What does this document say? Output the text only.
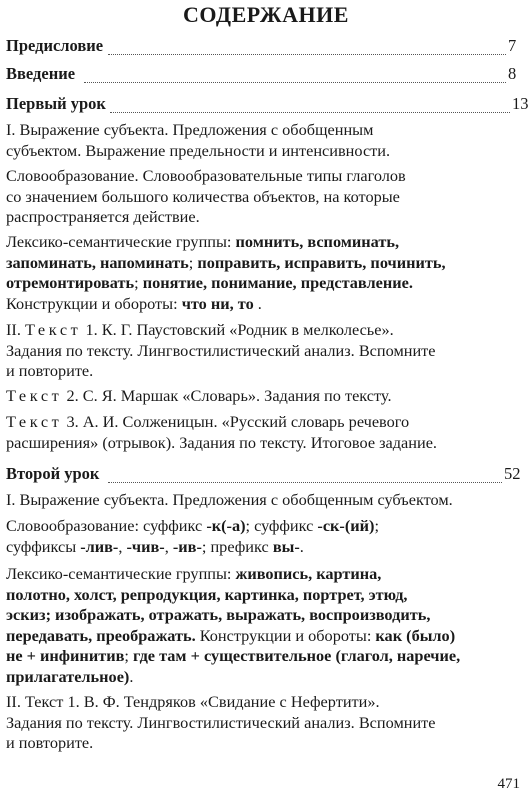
СОДЕРЖАНИЕ
Предисловие	7
Введение	8
Первый урок	13
I. Выражение субъекта. Предложения с обобщенным
субъектом. Выражение предельности и интенсивности.
Словообразование. Словообразовательные типы глаголов
со значением большого количества объектов, на которые
распространяется действие.
Лексико-семантические группы: помнить, вспоминать,
запоминать, напоминать; поправить, исправить, починить,
отремонтировать; понятие, понимание, представление.
Конструкции и обороты: что ни, то .
II. Текст 1. К. Г. Паустовский «Родник в мелколесье».
Задания по тексту. Лингвостилистический анализ. Вспомните
и повторите.
Текст 2. С. Я. Маршак «Словарь». Задания по тексту.
Текст 3. А. И. Солженицын. «Русский словарь речевого
расширения» (отрывок). Задания по тексту. Итоговое задание.
Второй урок	52
I. Выражение субъекта. Предложения с обобщенным субъектом.
Словообразование: суффикс -к(-а); суффикс -ск-(ий);
суффиксы -лив-, -чив-, -ив-; префикс вы-.
Лексико-семантические группы: живопись, картина,
полотно, холст, репродукция, картинка, портрет, этюд,
эскиз; изображать, отражать, выражать, воспроизводить,
передавать, преображать. Конструкции и обороты: как (было)
не + инфинитив; где там + существительное (глагол, наречие,
прилагательное).
II. Текст 1. В. Ф. Тендряков «Свидание с Нефертити».
Задания по тексту. Лингвостилистический анализ. Вспомните
и повторите.
471
